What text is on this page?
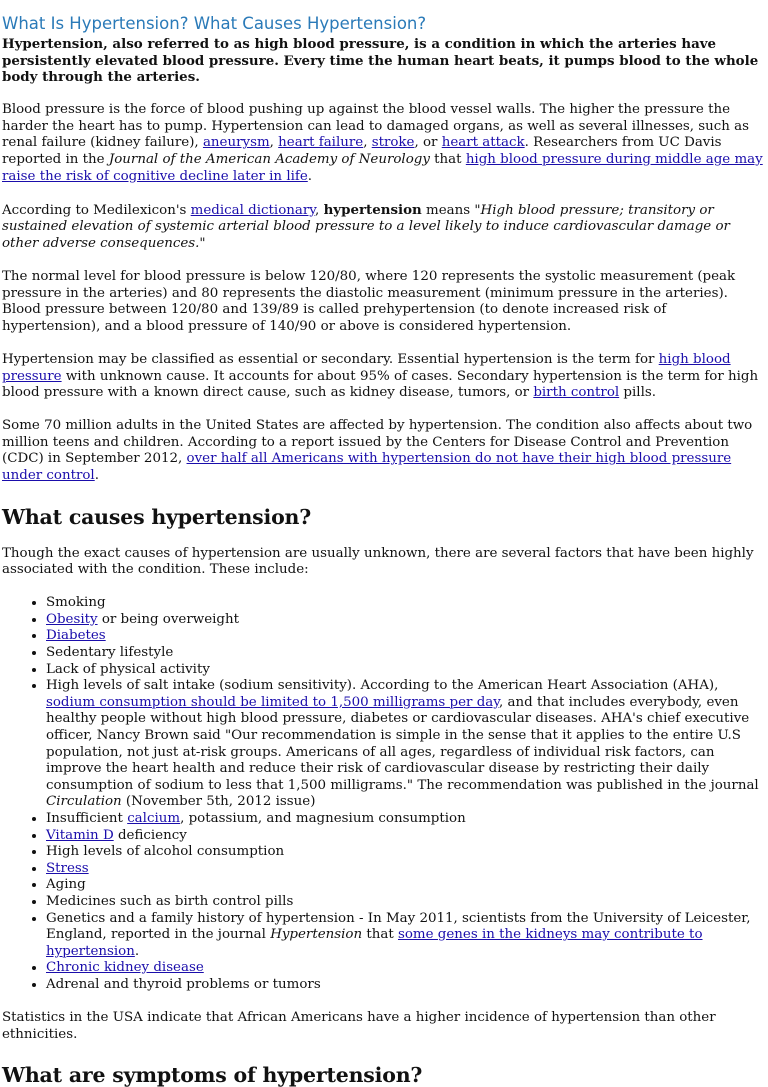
What Is Hypertension? What Causes Hypertension?

Hypertension, also referred to as high blood pressure, is a condition in which the arteries have persistently elevated blood pressure. Every time the human heart beats, it pumps blood to the whole body through the arteries.

Blood pressure is the force of blood pushing up against the blood vessel walls. The higher the pressure the harder the heart has to pump. Hypertension can lead to damaged organs, as well as several illnesses, such as renal failure (kidney failure), aneurysm, heart failure, stroke, or heart attack. Researchers from UC Davis reported in the Journal of the American Academy of Neurology that high blood pressure during middle age may raise the risk of cognitive decline later in life.

According to Medilexicon's medical dictionary, hypertension means "High blood pressure; transitory or sustained elevation of systemic arterial blood pressure to a level likely to induce cardiovascular damage or other adverse consequences."

The normal level for blood pressure is below 120/80, where 120 represents the systolic measurement (peak pressure in the arteries) and 80 represents the diastolic measurement (minimum pressure in the arteries). Blood pressure between 120/80 and 139/89 is called prehypertension (to denote increased risk of hypertension), and a blood pressure of 140/90 or above is considered hypertension.

Hypertension may be classified as essential or secondary. Essential hypertension is the term for high blood pressure with unknown cause. It accounts for about 95% of cases. Secondary hypertension is the term for high blood pressure with a known direct cause, such as kidney disease, tumors, or birth control pills.

Some 70 million adults in the United States are affected by hypertension. The condition also affects about two million teens and children. According to a report issued by the Centers for Disease Control and Prevention (CDC) in September 2012, over half all Americans with hypertension do not have their high blood pressure under control.

What causes hypertension?

Though the exact causes of hypertension are usually unknown, there are several factors that have been highly associated with the condition. These include:

• Smoking
• Obesity or being overweight
• Diabetes
• Sedentary lifestyle
• Lack of physical activity
• High levels of salt intake (sodium sensitivity). According to the American Heart Association (AHA), sodium consumption should be limited to 1,500 milligrams per day, and that includes everybody, even healthy people without high blood pressure, diabetes or cardiovascular diseases. AHA's chief executive officer, Nancy Brown said "Our recommendation is simple in the sense that it applies to the entire U.S population, not just at-risk groups. Americans of all ages, regardless of individual risk factors, can improve the heart health and reduce their risk of cardiovascular disease by restricting their daily consumption of sodium to less that 1,500 milligrams." The recommendation was published in the journal Circulation (November 5th, 2012 issue)
• Insufficient calcium, potassium, and magnesium consumption
• Vitamin D deficiency
• High levels of alcohol consumption
• Stress
• Aging
• Medicines such as birth control pills
• Genetics and a family history of hypertension - In May 2011, scientists from the University of Leicester, England, reported in the journal Hypertension that some genes in the kidneys may contribute to hypertension.
• Chronic kidney disease
• Adrenal and thyroid problems or tumors

Statistics in the USA indicate that African Americans have a higher incidence of hypertension than other ethnicities.

What are symptoms of hypertension?
